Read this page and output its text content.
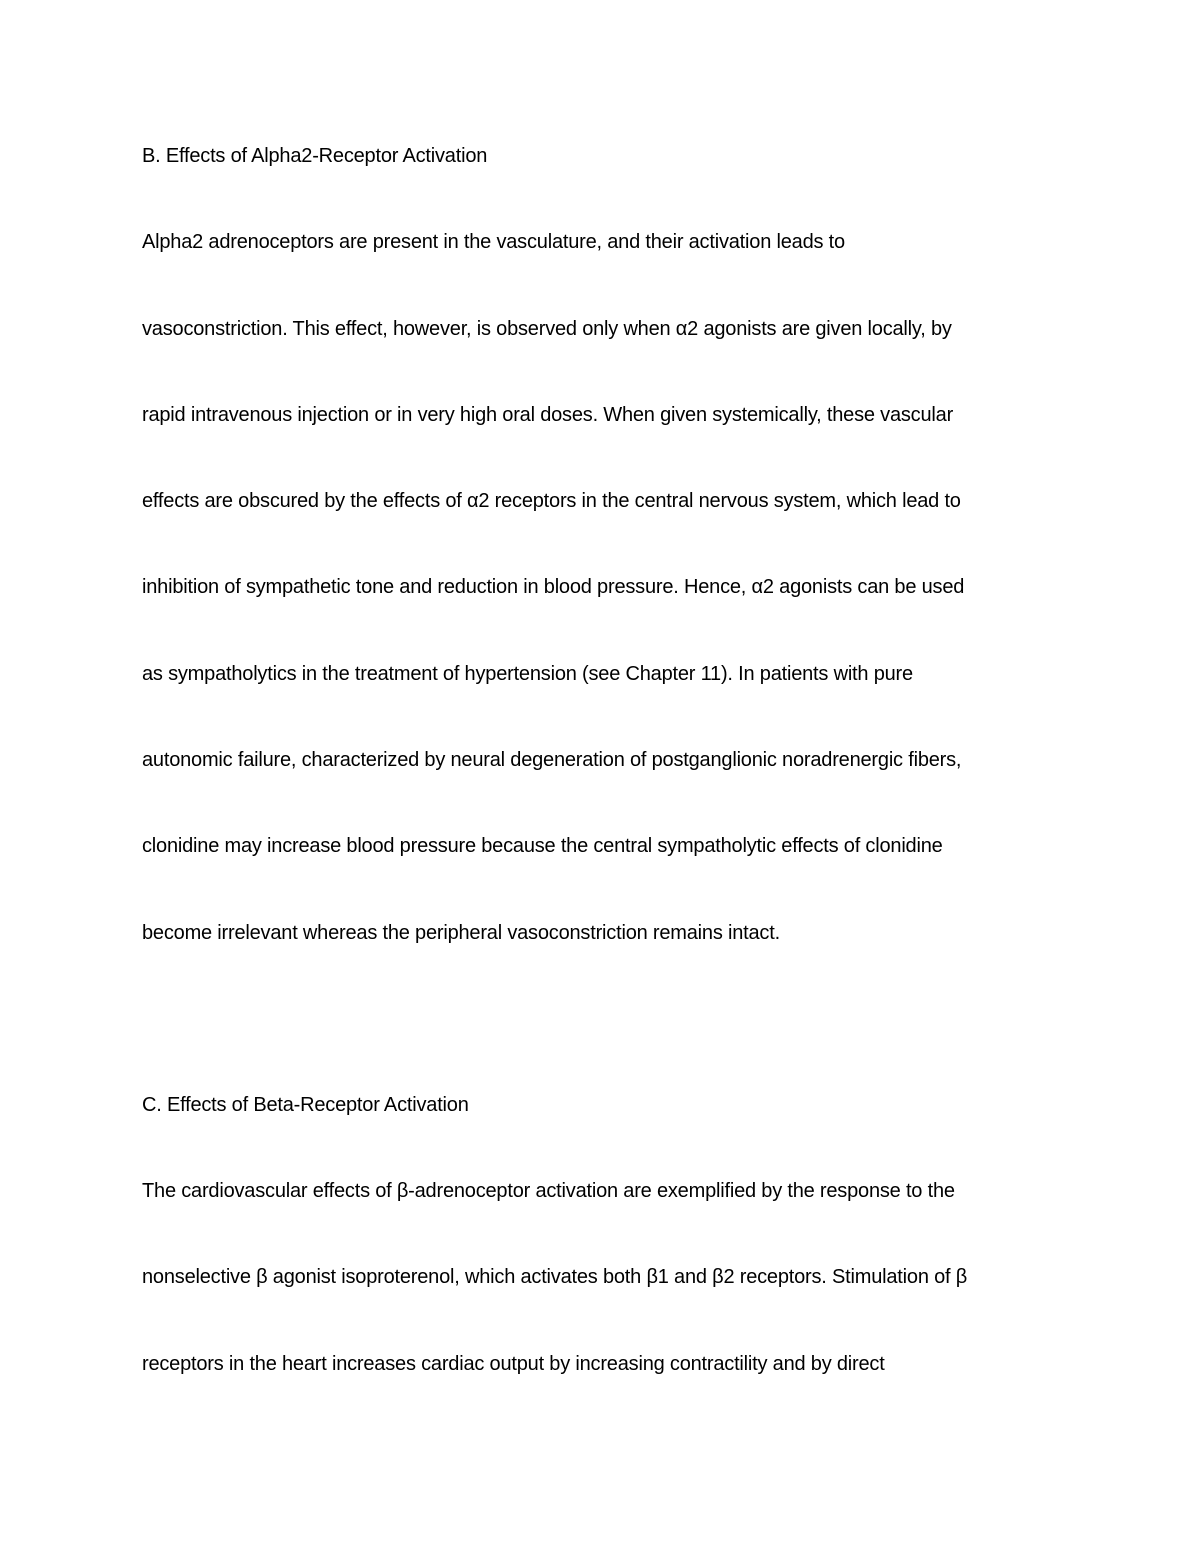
B. Effects of Alpha2-Receptor Activation
Alpha2 adrenoceptors are present in the vasculature, and their activation leads to
vasoconstriction. This effect, however, is observed only when α2 agonists are given locally, by
rapid intravenous injection or in very high oral doses. When given systemically, these vascular
effects are obscured by the effects of α2 receptors in the central nervous system, which lead to
inhibition of sympathetic tone and reduction in blood pressure. Hence, α2 agonists can be used
as sympatholytics in the treatment of hypertension (see Chapter 11). In patients with pure
autonomic failure, characterized by neural degeneration of postganglionic noradrenergic fibers,
clonidine may increase blood pressure because the central sympatholytic effects of clonidine
become irrelevant whereas the peripheral vasoconstriction remains intact.
C. Effects of Beta-Receptor Activation
The cardiovascular effects of β-adrenoceptor activation are exemplified by the response to the
nonselective β agonist isoproterenol, which activates both β1 and β2 receptors. Stimulation of β
receptors in the heart increases cardiac output by increasing contractility and by direct
